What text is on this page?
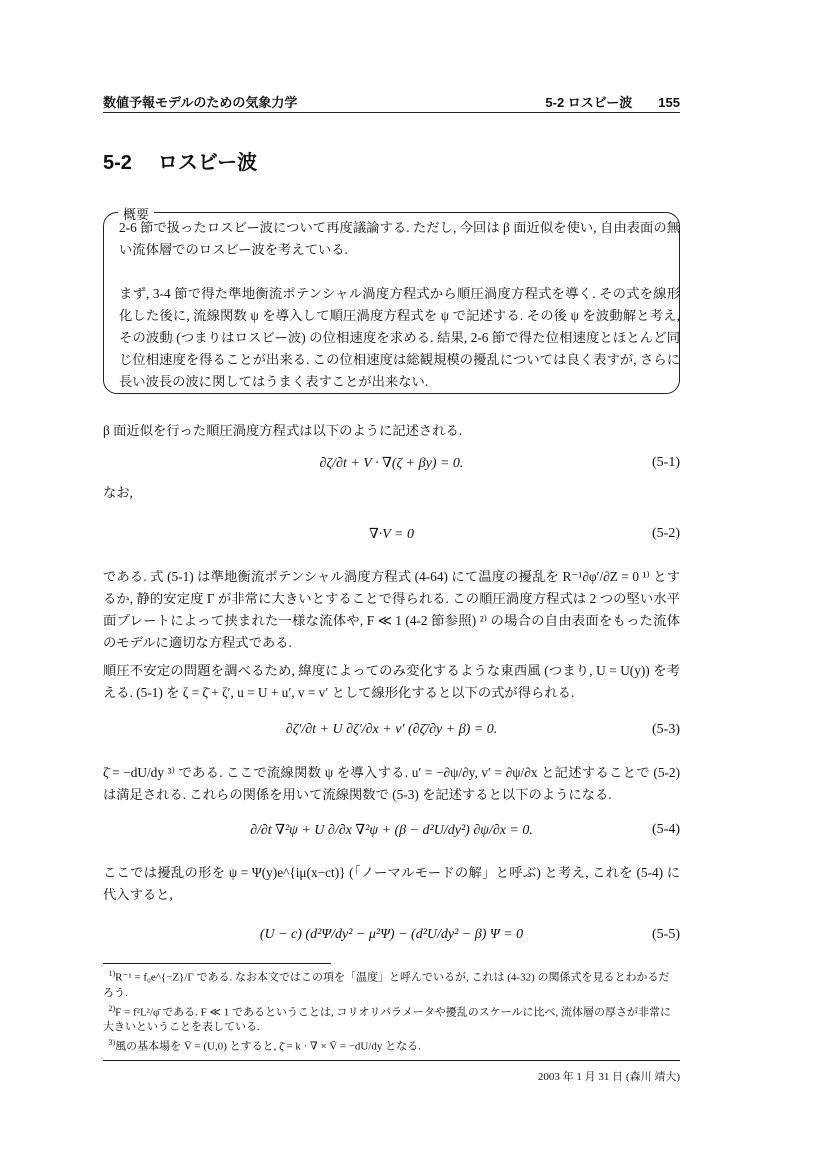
数値予報モデルのための気象力学	5-2 ロスビー波 155
5-2 ロスビー波
概要
2-6 節で扱ったロスビー波について再度議論する. ただし, 今回は β 面近似を使い, 自由表面の無い流体層でのロスビー波を考えている.
まず, 3-4 節で得た準地衡流ポテンシャル渦度方程式から順圧渦度方程式を導く. その式を線形化した後に, 流線関数 ψ を導入して順圧渦度方程式を ψ で記述する. その後 ψ を波動解と考え, その波動 (つまりはロスビー波) の位相速度を求める. 結果, 2-6 節で得た位相速度とほとんど同じ位相速度を得ることが出来る. この位相速度は総観規模の擾乱については良く表すが, さらに長い波長の波に関してはうまく表すことが出来ない.
β 面近似を行った順圧渦度方程式は以下のように記述される.
∂ζ/∂t + V · ∇(ζ + βy) = 0.	(5-1)
なお,
∇·V = 0	(5-2)
である. 式 (5-1) は準地衡流ポテンシャル渦度方程式 (4-64) にて温度の擾乱を R⁻¹∂φ′/∂Z = 0 ¹⁾ とするか, 静的安定度 Γ が非常に大きいとすることで得られる. この順圧渦度方程式は 2 つの堅い水平面プレートによって挟まれた一様な流体や, F ≪ 1 (4-2 節参照) ²⁾ の場合の自由表面をもった流体のモデルに適切な方程式である.
順圧不安定の問題を調べるため, 緯度によってのみ変化するような東西風 (つまり, U = U(y)) を考える. (5-1) を ζ = ζ̄ + ζ′, u = U + u′, v = v′ として線形化すると以下の式が得られる.
∂ζ′/∂t + U ∂ζ′/∂x + v′ (∂ζ̄/∂y + β) = 0.	(5-3)
ζ̄ = −dU/dy ³⁾ である. ここで流線関数 ψ を導入する. u′ = −∂ψ/∂y, v′ = ∂ψ/∂x と記述することで (5-2) は満足される. これらの関係を用いて流線関数で (5-3) を記述すると以下のようになる.
∂/∂t ∇²ψ + U ∂/∂x ∇²ψ + (β − d²U/dy²) ∂ψ/∂x = 0.	(5-4)
ここでは擾乱の形を ψ = Ψ(y)e^{iμ(x−ct)} (「ノーマルモードの解」と呼ぶ) と考え, これを (5-4) に代入すると,
(U − c) (d²Ψ/dy² − μ²Ψ) − (d²U/dy² − β) Ψ = 0	(5-5)
$^{1)}$R⁻¹ = f₀e^{−Z}/Γ である. なお本文ではこの項を「温度」と呼んでいるが, これは (4-32) の関係式を見るとわかるだろう.
$^{2)}$F = f²L²/φ̄ である. F ≪ 1 であるということは, コリオリパラメータや擾乱のスケールに比べ, 流体層の厚さが非常に大きいということを表している.
$^{3)}$風の基本場を V̄ = (U,0) とすると, ζ̄ = k · ∇ × V̄ = −dU/dy となる.
2003 年 1 月 31 日 (森川 靖大)
